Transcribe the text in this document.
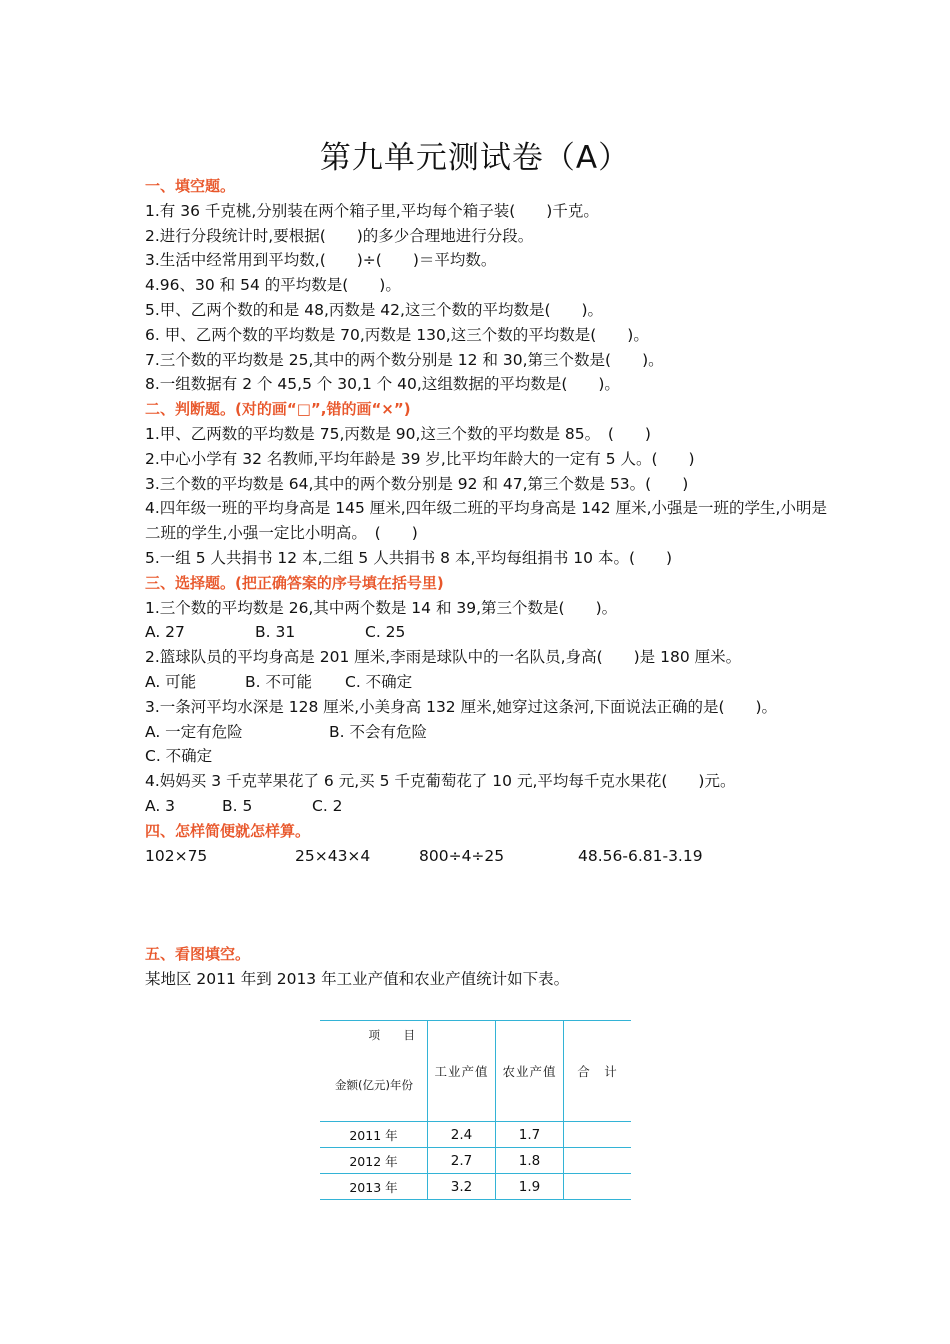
第九单元测试卷（A）
一、填空题。
1.有 36 千克桃,分别装在两个箱子里,平均每个箱子装(　　)千克。
2.进行分段统计时,要根据(　　)的多少合理地进行分段。
3.生活中经常用到平均数,(　　)÷(　　)＝平均数。
4.96、30 和 54 的平均数是(　　)。
5.甲、乙两个数的和是 48,丙数是 42,这三个数的平均数是(　　)。
6. 甲、乙两个数的平均数是 70,丙数是 130,这三个数的平均数是(　　)。
7.三个数的平均数是 25,其中的两个数分别是 12 和 30,第三个数是(　　)。
8.一组数据有 2 个 45,5 个 30,1 个 40,这组数据的平均数是(　　)。
二、判断题。(对的画“□”,错的画“×”)
1.甲、乙两数的平均数是 75,丙数是 90,这三个数的平均数是 85。　(　　)
2.中心小学有 32 名教师,平均年龄是 39 岁,比平均年龄大的一定有 5 人。(　　)
3.三个数的平均数是 64,其中的两个数分别是 92 和 47,第三个数是 53。(　　)
4.四年级一班的平均身高是 145 厘米,四年级二班的平均身高是 142 厘米,小强是一班的学生,小明是二班的学生,小强一定比小明高。　(　　)
5.一组 5 人共捐书 12 本,二组 5 人共捐书 8 本,平均每组捐书 10 本。(　　)
三、选择题。(把正确答案的序号填在括号里)
1.三个数的平均数是 26,其中两个数是 14 和 39,第三个数是(　　)。
A. 27	B. 31	C. 25
2.篮球队员的平均身高是 201 厘米,李雨是球队中的一名队员,身高(　　)是 180 厘米。
A. 可能	B. 不可能 C. 不确定
3.一条河平均水深是 128 厘米,小美身高 132 厘米,她穿过这条河,下面说法正确的是(　　)。
A. 一定有危险	B. 不会有危险
C. 不确定
4.妈妈买 3 千克苹果花了 6 元,买 5 千克葡萄花了 10 元,平均每千克水果花(　　)元。
A. 3	B. 5	C. 2
四、怎样简便就怎样算。
102×75	25×43×4	800÷4÷25	48.56-6.81-3.19
五、看图填空。
某地区 2011 年到 2013 年工业产值和农业产值统计如下表。
项　目
金额(亿元)年份	工业产值	农业产值	合　计
2011 年	2.4	1.7	
2012 年	2.7	1.8	
2013 年	3.2	1.9	
